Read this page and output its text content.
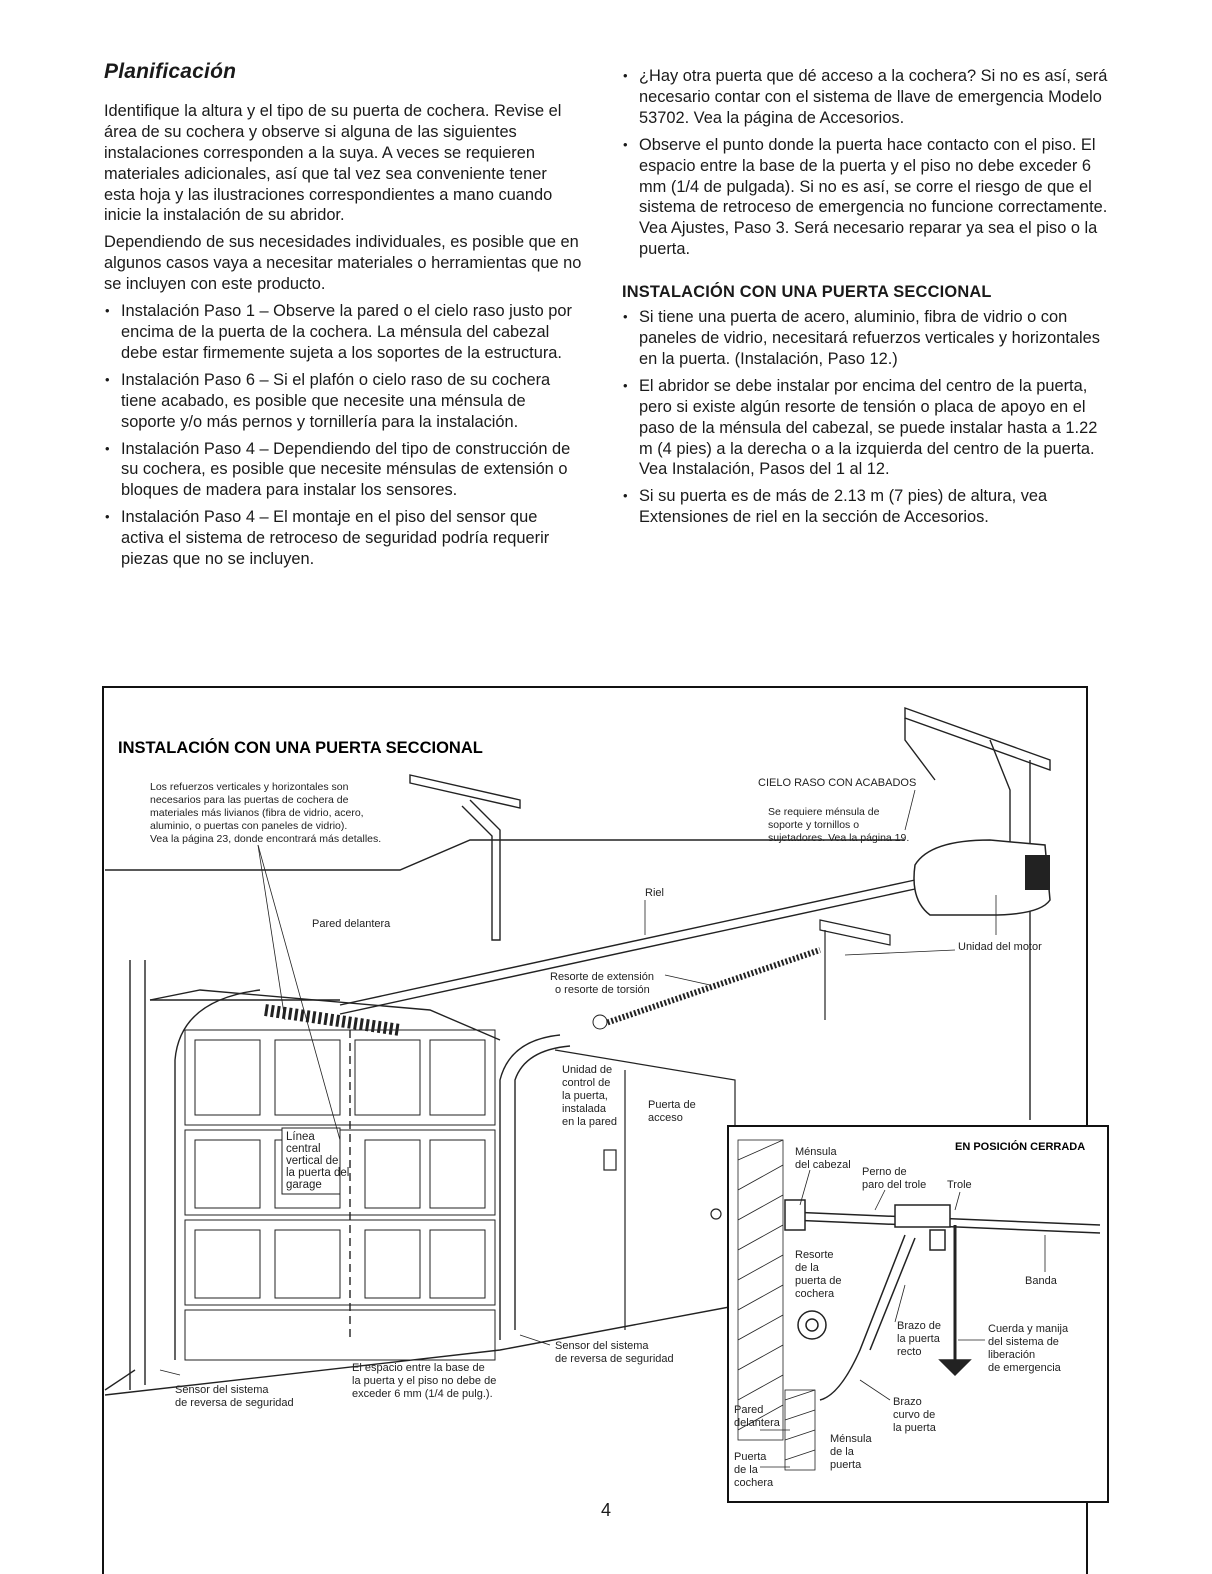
Planificación

Identifique la altura y el tipo de su puerta de cochera. Revise el área de su cochera y observe si alguna de las siguientes instalaciones corresponden a la suya. A veces se requieren materiales adicionales, así que tal vez sea conveniente tener esta hoja y las ilustraciones correspondientes a mano cuando inicie la instalación de su abridor.

Dependiendo de sus necesidades individuales, es posible que en algunos casos vaya a necesitar materiales o herramientas que no se incluyen con este producto.

• Instalación Paso 1 – Observe la pared o el cielo raso justo por encima de la puerta de la cochera. La ménsula del cabezal debe estar firmemente sujeta a los soportes de la estructura.
• Instalación Paso 6 – Si el plafón o cielo raso de su cochera tiene acabado, es posible que necesite una ménsula de soporte y/o más pernos y tornillería para la instalación.
• Instalación Paso 4 – Dependiendo del tipo de construcción de su cochera, es posible que necesite ménsulas de extensión o bloques de madera para instalar los sensores.
• Instalación Paso 4 – El montaje en el piso del sensor que activa el sistema de retroceso de seguridad podría requerir piezas que no se incluyen.
• ¿Hay otra puerta que dé acceso a la cochera? Si no es así, será necesario contar con el sistema de llave de emergencia Modelo 53702. Vea la página de Accesorios.
• Observe el punto donde la puerta hace contacto con el piso. El espacio entre la base de la puerta y el piso no debe exceder 6 mm (1/4 de pulgada). Si no es así, se corre el riesgo de que el sistema de retroceso de emergencia no funcione correctamente. Vea Ajustes, Paso 3. Será necesario reparar ya sea el piso o la puerta.
INSTALACIÓN CON UNA PUERTA SECCIONAL
• Si tiene una puerta de acero, aluminio, fibra de vidrio o con paneles de vidrio, necesitará refuerzos verticales y horizontales en la puerta. (Instalación, Paso 12.)
• El abridor se debe instalar por encima del centro de la puerta, pero si existe algún resorte de tensión o placa de apoyo en el paso de la ménsula del cabezal, se puede instalar hasta a 1.22 m (4 pies) a la derecha o a la izquierda del centro de la puerta. Vea Instalación, Pasos del 1 al 12.
• Si su puerta es de más de 2.13 m (7 pies) de altura, vea Extensiones de riel en la sección de Accesorios.
INSTALACIÓN CON UNA PUERTA SECCIONAL
Los refuerzos verticales y horizontales son
necesarios para las puertas de cochera de
materiales más livianos (fibra de vidrio, acero,
aluminio, o puertas con paneles de vidrio).
Vea la página 23, donde encontrará más detalles.
CIELO RASO CON ACABADOS
Se requiere ménsula de
soporte y tornillos o
sujetadores. Vea la página 19.
Línea
central
vertical de
la puerta del
garage
Riel
Pared delantera
Unidad del motor
Resorte de extensión
o resorte de torsión
Unidad de
control de
la puerta,
instalada
en la pared
Puerta de
acceso
Sensor del sistema
de reversa de seguridad
El espacio entre la base de
la puerta y el piso no debe de
exceder 6 mm (1/4 de pulg.).
Sensor del sistema
de reversa de seguridad
EN POSICIÓN CERRADA
Ménsula
del cabezal
Perno de
paro del trole Trole
Resorte
de la
puerta de
cochera
Banda
Brazo de
la puerta
recto
Cuerda y manija
del sistema de
liberación
de emergencia
Brazo
curvo de
la puerta
Pared
delantera
Ménsula
de la
puerta
Puerta
de la
cochera
4
